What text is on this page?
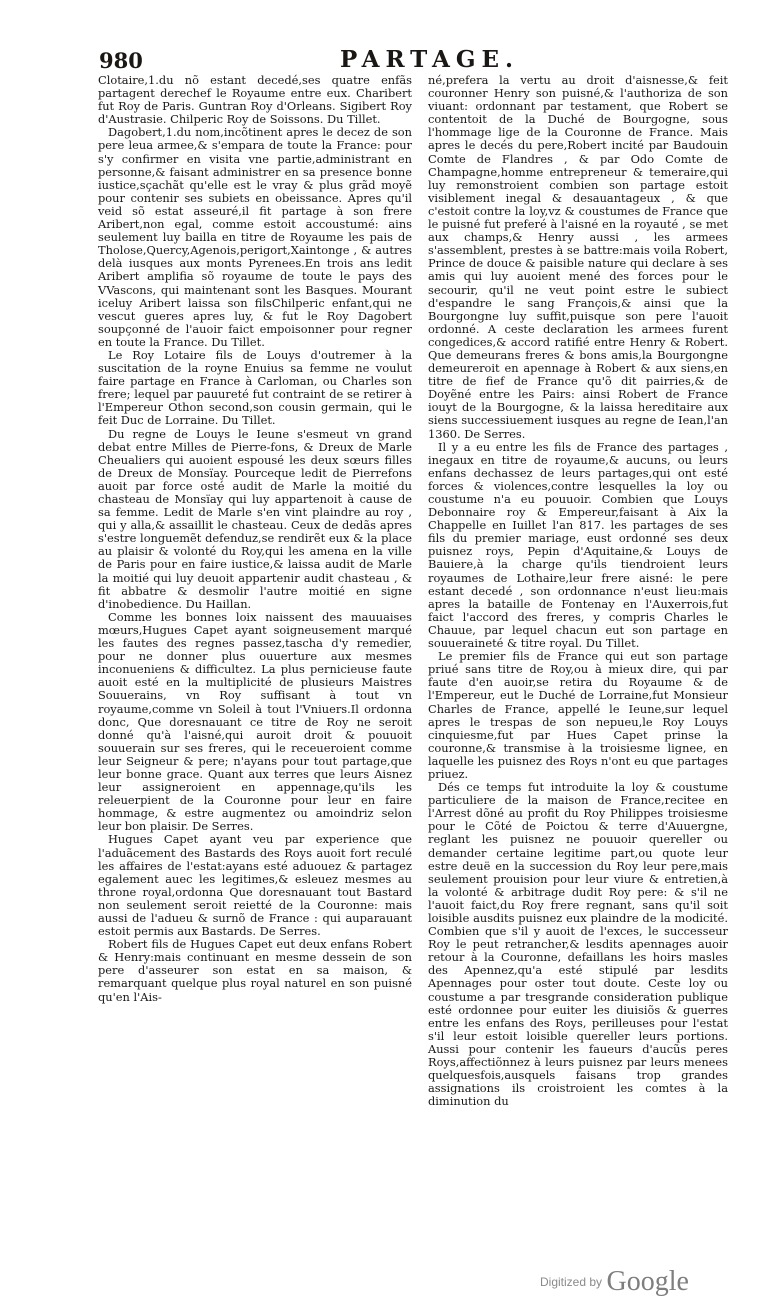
980	PARTAGE.

Clotaire,1.du nõ estant decedé,ses quatre enfãs partagent derechef le Royaume entre eux. Charibert fut Roy de Paris. Guntran Roy d'Orleans. Sigibert Roy d'Austrasie. Chilperic Roy de Soissons. Du Tillet.

Dagobert,1.du nom,incõtinent apres le decez de son pere leua armee,& s'empara de toute la France: pour s'y confirmer en visita vne partie,administrant en personne,& faisant administrer en sa presence bonne iustice,sçachãt qu'elle est le vray & plus grãd moyẽ pour contenir ses subiets en obeissance. Apres qu'il veid sõ estat asseuré,il fit partage à son frere Aribert,non egal, comme estoit accoustumé: ains seulement luy bailla en titre de Royaume les pais de Tholose,Quercy,Agenois,perigort,Xaintonge , & autres delà iusques aux monts Pyrenees.En trois ans ledit Aribert amplifia sõ royaume de toute le pays des VVascons, qui maintenant sont les Basques. Mourant iceluy Aribert laissa son filsChilperic enfant,qui ne vescut gueres apres luy, & fut le Roy Dagobert soupçonné de l'auoir faict empoisonner pour regner en toute la France. Du Tillet.

Le Roy Lotaire fils de Louys d'outremer à la suscitation de la royne Enuius sa femme ne voulut faire partage en France à Carloman, ou Charles son frere; lequel par pauureté fut contraint de se retirer à l'Empereur Othon second,son cousin germain, qui le feit Duc de Lorraine. Du Tillet.

Du regne de Louys le Ieune s'esmeut vn grand debat entre Milles de Pierre-fons, & Dreux de Marle Cheualiers qui auoient espousé les deux sœurs filles de Dreux de Monsïay. Pourceque ledit de Pierrefons auoit par force osté audit de Marle la moitié du chasteau de Monsïay qui luy appartenoit à cause de sa femme. Ledit de Marle s'en vint plaindre au roy , qui y alla,& assaillit le chasteau. Ceux de dedãs apres s'estre longuemẽt defenduz,se rendirẽt eux & la place au plaisir & volonté du Roy,qui les amena en la ville de Paris pour en faire iustice,& laissa audit de Marle la moitié qui luy deuoit appartenir audit chasteau , & fit abbatre & desmolir l'autre moitié en signe d'inobedience. Du Haillan.

Comme les bonnes loix naissent des mauuaises mœurs,Hugues Capet ayant soigneusement marqué les fautes des regnes passez,tascha d'y remedier, pour ne donner plus ouuerture aux mesmes inconueniens & difficultez. La plus pernicieuse faute auoit esté en la multiplicité de plusieurs Maistres Souuerains, vn Roy suffisant à tout vn royaume,comme vn Soleil à tout l'Vniuers.Il ordonna donc, Que doresnauant ce titre de Roy ne seroit donné qu'à l'aisné,qui auroit droit & pouuoit souuerain sur ses freres, qui le receueroient comme leur Seigneur & pere; n'ayans pour tout partage,que leur bonne grace. Quant aux terres que leurs Aisnez leur assigneroient en appennage,qu'ils les releuerpient de la Couronne pour leur en faire hommage, & estre augmentez ou amoindriz selon leur bon plaisir. De Serres.

Hugues Capet ayant veu par experience que l'aduãcement des Bastards des Roys auoit fort reculé les affaires de l'estat:ayans esté aduouez & partagez egalement auec les legitimes,& esleuez mesmes au throne royal,ordonna Que doresnauant tout Bastard non seulement seroit reietté de la Couronne: mais aussi de l'adueu & surnõ de France : qui auparauant estoit permis aux Bastards. De Serres.

Robert fils de Hugues Capet eut deux enfans Robert & Henry:mais continuant en mesme dessein de son pere d'asseurer son estat en sa maison, & remarquant quelque plus royal naturel en son puisné qu'en l'Ais-

né,prefera la vertu au droit d'aisnesse,& feit couronner Henry son puisné,& l'authoriza de son viuant: ordonnant par testament, que Robert se contentoit de la Duché de Bourgogne, sous l'hommage lige de la Couronne de France. Mais apres le decés du pere,Robert incité par Baudouin Comte de Flandres , & par Odo Comte de Champagne,homme entrepreneur & temeraire,qui luy remonstroient combien son partage estoit visiblement inegal & desauantageux , & que c'estoit contre la loy,vz & coustumes de France que le puisné fut preferé à l'aisné en la royauté , se met aux champs,& Henry aussi , les armees s'assemblent, prestes à se battre:mais voila Robert, Prince de douce & paisible nature qui declare à ses amis qui luy auoient mené des forces pour le secourir, qu'il ne veut point estre le subiect d'espandre le sang François,& ainsi que la Bourgongne luy suffit,puisque son pere l'auoit ordonné. A ceste declaration les armees furent congedices,& accord ratifié entre Henry & Robert. Que demeurans freres & bons amis,la Bourgongne demeureroit en apennage à Robert & aux siens,en titre de fief de France qu'õ dit pairries,& de Doyẽné entre les Pairs: ainsi Robert de France iouyt de la Bourgogne, & la laissa hereditaire aux siens successiuement iusques au regne de Iean,l'an 1360. De Serres.

Il y a eu entre les fils de France des partages , inegaux en titre de royaume,& aucuns, ou leurs enfans dechassez de leurs partages,qui ont esté forces & violences,contre lesquelles la loy ou coustume n'a eu pouuoir. Combien que Louys Debonnaire roy & Empereur,faisant à Aix la Chappelle en Iuillet l'an 817. les partages de ses fils du premier mariage, eust ordonné ses deux puisnez roys, Pepin d'Aquitaine,& Louys de Bauiere,à la charge qu'ils tiendroient leurs royaumes de Lothaire,leur frere aisné: le pere estant decedé , son ordonnance n'eust lieu:mais apres la bataille de Fontenay en l'Auxerrois,fut faict l'accord des freres, y compris Charles le Chauue, par lequel chacun eut son partage en souueraineté & titre royal. Du Tillet.

Le premier fils de France qui eut son partage priué sans titre de Roy,ou à mieux dire, qui par faute d'en auoir,se retira du Royaume & de l'Empereur, eut le Duché de Lorraine,fut Monsieur Charles de France, appellé le Ieune,sur lequel apres le trespas de son nepueu,le Roy Louys cinquiesme,fut par Hues Capet prinse la couronne,& transmise à la troisiesme lignee, en laquelle les puisnez des Roys n'ont eu que partages priuez.

Dés ce temps fut introduite la loy & coustume particuliere de la maison de France,recitee en l'Arrest dõné au profit du Roy Philippes troisiesme pour le Cõté de Poictou & terre d'Auuergne, reglant les puisnez ne pouuoir quereller ou demander certaine legitime part,ou quote leur estre deuë en la succession du Roy leur pere,mais seulement prouision pour leur viure & entretien,à la volonté & arbitrage dudit Roy pere: & s'il ne l'auoit faict,du Roy frere regnant, sans qu'il soit loisible ausdits puisnez eux plaindre de la modicité. Combien que s'il y auoit de l'exces, le successeur Roy le peut retrancher,& lesdits apennages auoir retour à la Couronne, defaillans les hoirs masles des Apennez,qu'a esté stipulé par lesdits Apennages pour oster tout doute. Ceste loy ou coustume a par tresgrande consideration publique esté ordonnee pour euiter les diuisiõs & guerres entre les enfans des Roys, perilleuses pour l'estat s'il leur estoit loisible quereller leurs portions. Aussi pour contenir les faueurs d'aucũs peres Roys,affectiõnnez à leurs puisnez par leurs menees quelquesfois,ausquels faisans trop grandes assignations ils croistroient les comtes à la diminution du

Digitized by Google
